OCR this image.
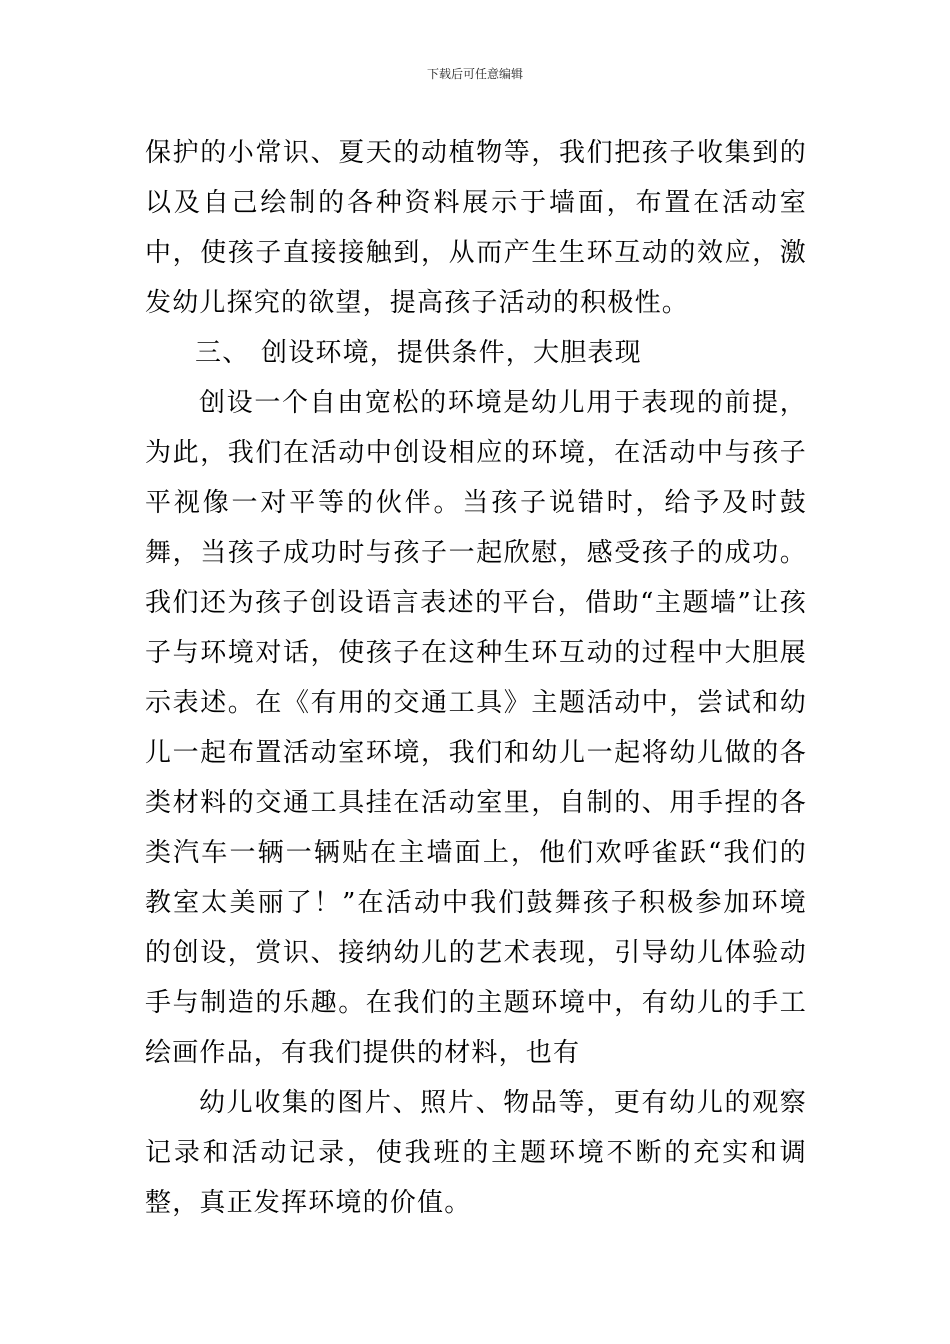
下载后可任意编辑

保护的小常识、夏天的动植物等，我们把孩子收集到的以及自己绘制的各种资料展示于墙面，布置在活动室中，使孩子直接接触到，从而产生生环互动的效应，激发幼儿探究的欲望，提高孩子活动的积极性。

三、 创设环境，提供条件，大胆表现

创设一个自由宽松的环境是幼儿用于表现的前提，为此，我们在活动中创设相应的环境，在活动中与孩子平视像一对平等的伙伴。当孩子说错时，给予及时鼓舞，当孩子成功时与孩子一起欣慰，感受孩子的成功。我们还为孩子创设语言表述的平台，借助“主题墙”让孩子与环境对话，使孩子在这种生环互动的过程中大胆展示表述。在《有用的交通工具》主题活动中，尝试和幼儿一起布置活动室环境，我们和幼儿一起将幼儿做的各类材料的交通工具挂在活动室里，自制的、用手捏的各类汽车一辆一辆贴在主墙面上，他们欢呼雀跃“我们的教室太美丽了！”在活动中我们鼓舞孩子积极参加环境的创设，赏识、接纳幼儿的艺术表现，引导幼儿体验动手与制造的乐趣。在我们的主题环境中，有幼儿的手工绘画作品，有我们提供的材料，也有

幼儿收集的图片、照片、物品等，更有幼儿的观察记录和活动记录，使我班的主题环境不断的充实和调整，真正发挥环境的价值。
